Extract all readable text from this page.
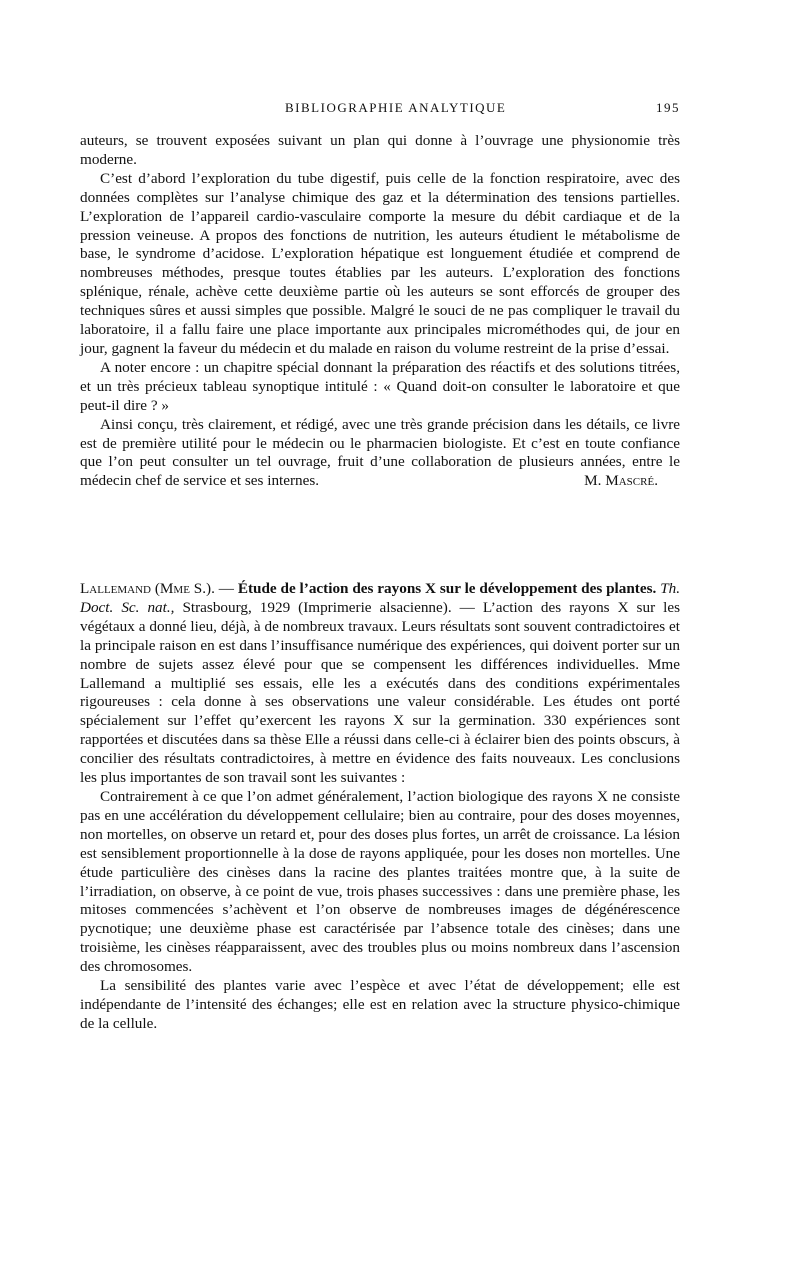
BIBLIOGRAPHIE ANALYTIQUE	195

auteurs, se trouvent exposées suivant un plan qui donne à l’ouvrage une physionomie très moderne.

C’est d’abord l’exploration du tube digestif, puis celle de la fonction respiratoire, avec des données complètes sur l’analyse chimique des gaz et la détermination des tensions partielles. L’exploration de l’appareil cardio-vasculaire comporte la mesure du débit cardiaque et de la pression veineuse. A propos des fonctions de nutrition, les auteurs étudient le métabolisme de base, le syndrome d’acidose. L’exploration hépatique est longuement étudiée et comprend de nombreuses méthodes, presque toutes établies par les auteurs. L’exploration des fonctions splénique, rénale, achève cette deuxième partie où les auteurs se sont efforcés de grouper des techniques sûres et aussi simples que possible. Malgré le souci de ne pas compliquer le travail du laboratoire, il a fallu faire une place importante aux principales microméthodes qui, de jour en jour, gagnent la faveur du médecin et du malade en raison du volume restreint de la prise d’essai.

A noter encore : un chapitre spécial donnant la préparation des réactifs et des solutions titrées, et un très précieux tableau synoptique intitulé : « Quand doit-on consulter le laboratoire et que peut-il dire ? »

Ainsi conçu, très clairement, et rédigé, avec une très grande précision dans les détails, ce livre est de première utilité pour le médecin ou le pharmacien biologiste. Et c’est en toute confiance que l’on peut consulter un tel ouvrage, fruit d’une collaboration de plusieurs années, entre le médecin chef de service et ses internes.	M. Mascré.

Lallemand (Mme S.). — Étude de l’action des rayons X sur le développement des plantes. Th. Doct. Sc. nat., Strasbourg, 1929 (Imprimerie alsacienne). — L’action des rayons X sur les végétaux a donné lieu, déjà, à de nombreux travaux. Leurs résultats sont souvent contradictoires et la principale raison en est dans l’insuffisance numérique des expériences, qui doivent porter sur un nombre de sujets assez élevé pour que se compensent les différences individuelles. Mme Lallemand a multiplié ses essais, elle les a exécutés dans des conditions expérimentales rigoureuses : cela donne à ses observations une valeur considérable. Les études ont porté spécialement sur l’effet qu’exercent les rayons X sur la germination. 330 expériences sont rapportées et discutées dans sa thèse Elle a réussi dans celle-ci à éclairer bien des points obscurs, à concilier des résultats contradictoires, à mettre en évidence des faits nouveaux. Les conclusions les plus importantes de son travail sont les suivantes :

Contrairement à ce que l’on admet généralement, l’action biologique des rayons X ne consiste pas en une accélération du développement cellulaire; bien au contraire, pour des doses moyennes, non mortelles, on observe un retard et, pour des doses plus fortes, un arrêt de croissance. La lésion est sensiblement proportionnelle à la dose de rayons appliquée, pour les doses non mortelles. Une étude particulière des cinèses dans la racine des plantes traitées montre que, à la suite de l’irradiation, on observe, à ce point de vue, trois phases successives : dans une première phase, les mitoses commencées s’achèvent et l’on observe de nombreuses images de dégénérescence pycnotique; une deuxième phase est caractérisée par l’absence totale des cinèses; dans une troisième, les cinèses réapparaissent, avec des troubles plus ou moins nombreux dans l’ascension des chromosomes.

La sensibilité des plantes varie avec l’espèce et avec l’état de développement; elle est indépendante de l’intensité des échanges; elle est en relation avec la structure physico-chimique de la cellule.
